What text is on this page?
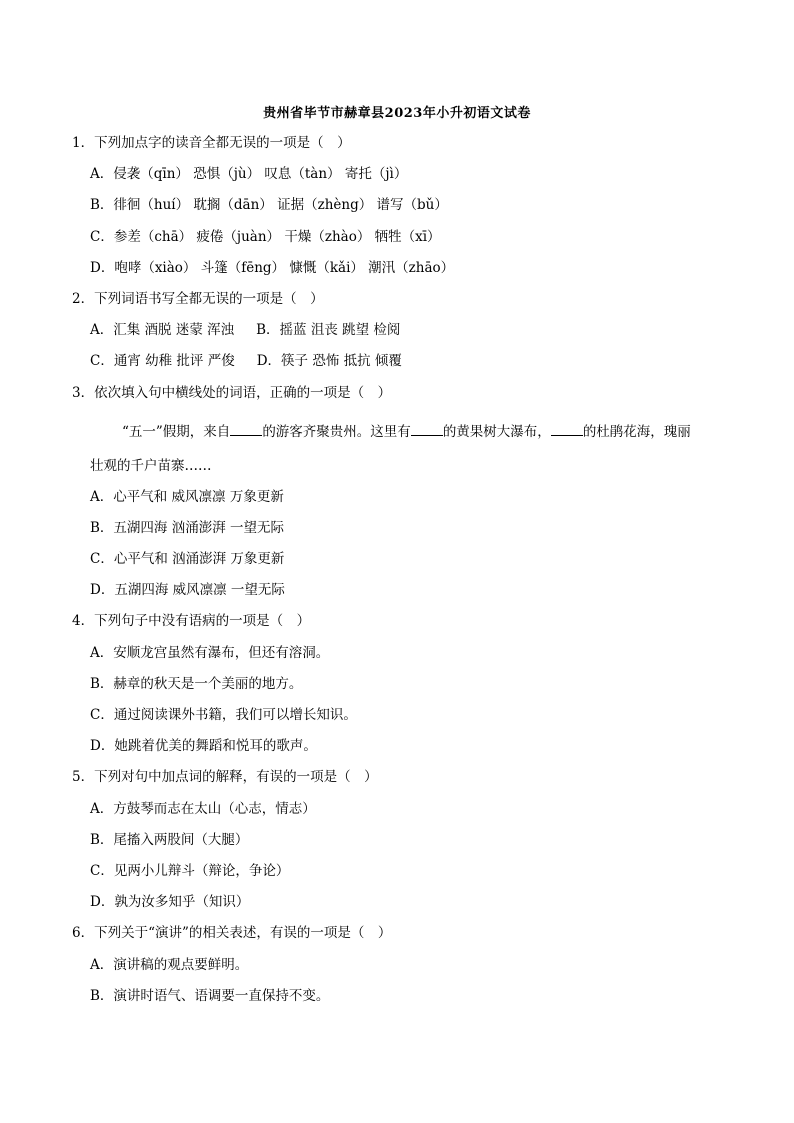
贵州省毕节市赫章县2023年小升初语文试卷
1．下列加点字的读音全都无误的一项是（　）
A．侵袭（qīn） 恐惧（jù） 叹息（tàn） 寄托（jì）
B．徘徊（huí） 耽搁（dān） 证据（zhèng） 谱写（bǔ）
C．参差（chā） 疲倦（juàn） 干燥（zhào） 牺牲（xī）
D．咆哮（xiào） 斗篷（fēng） 慷慨（kǎi） 潮汛（zhāo）
2．下列词语书写全都无误的一项是（　）
A．汇集 酒脱 迷蒙 浑浊 B．摇蓝 沮丧 跳望 检阅
C．通宵 幼稚 批评 严俊 D．筷子 恐怖 抵抗 倾覆
3．依次填入句中横线处的词语，正确的一项是（　）
“五一”假期，来自 的游客齐聚贵州。这里有 的黄果树大瀑布， 的杜鹃花海，瑰丽
壮观的千户苗寨……
A．心平气和 威风凛凛 万象更新
B．五湖四海 汹涌澎湃 一望无际
C．心平气和 汹涌澎湃 万象更新
D．五湖四海 威风凛凛 一望无际
4．下列句子中没有语病的一项是（　）
A．安顺龙宫虽然有瀑布，但还有溶洞。
B．赫章的秋天是一个美丽的地方。
C．通过阅读课外书籍，我们可以增长知识。
D．她跳着优美的舞蹈和悦耳的歌声。
5．下列对句中加点词的解释，有误的一项是（　）
A．方鼓琴而志在太山（心志，情志）
B．尾搐入两股间（大腿）
C．见两小儿辩斗（辩论，争论）
D．孰为汝多知乎（知识）
6．下列关于“演讲”的相关表述，有误的一项是（　）
A．演讲稿的观点要鲜明。
B．演讲时语气、语调要一直保持不变。
